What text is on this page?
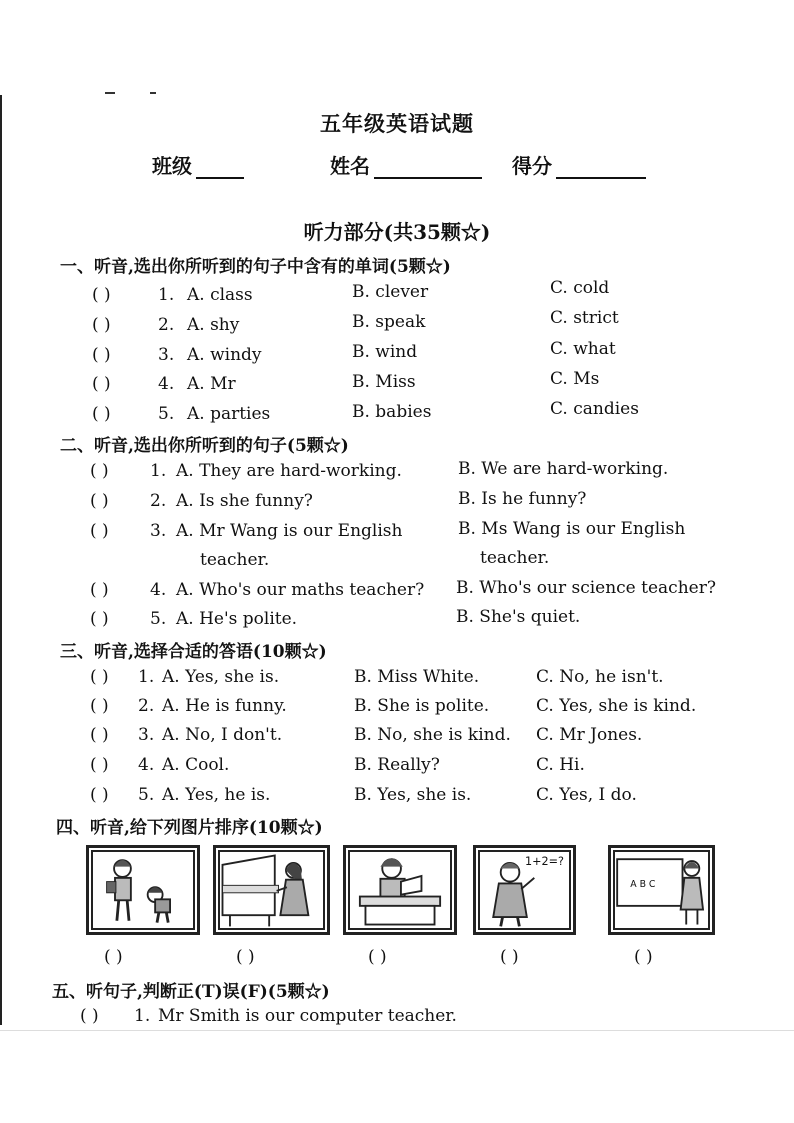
五年级英语试题
班级	姓名	得分
听力部分(共35颗☆)
一、听音,选出你所听到的句子中含有的单词(5颗☆)
( )	1. A. class	B. clever	C. cold
( )	2. A. shy	B. speak	C. strict
( )	3. A. windy	B. wind	C. what
( )	4. A. Mr	B. Miss	C. Ms
( )	5. A. parties	B. babies	C. candies
二、听音,选出你所听到的句子(5颗☆)
( ) 1. A. They are hard-working.	B. We are hard-working.
( ) 2. A. Is she funny?	B. Is he funny?
( ) 3. A. Mr Wang is our English
teacher.
B. Ms Wang is our English
teacher.
( ) 4. A. Who's our maths teacher? B. Who's our science teacher?
( ) 5. A. He's polite.	B. She's quiet.
三、听音,选择合适的答语(10颗☆)
( ) 1. A. Yes, she is.	B. Miss White.	C. No, he isn't.
( ) 2. A. He is funny.	B. She is polite.	C. Yes, she is kind.
( ) 3. A. No, I don't.	B. No, she is kind. C. Mr Jones.
( ) 4. A. Cool.	B. Really?	C. Hi.
( ) 5. A. Yes, he is.	B. Yes, she is.	C. Yes, I do.
四、听音,给下列图片排序(10颗☆)
1+2=?
A B C
( )	( )	( )	( )	( )
五、听句子,判断正(T)误(F)(5颗☆)
( ) 1. Mr Smith is our computer teacher.
